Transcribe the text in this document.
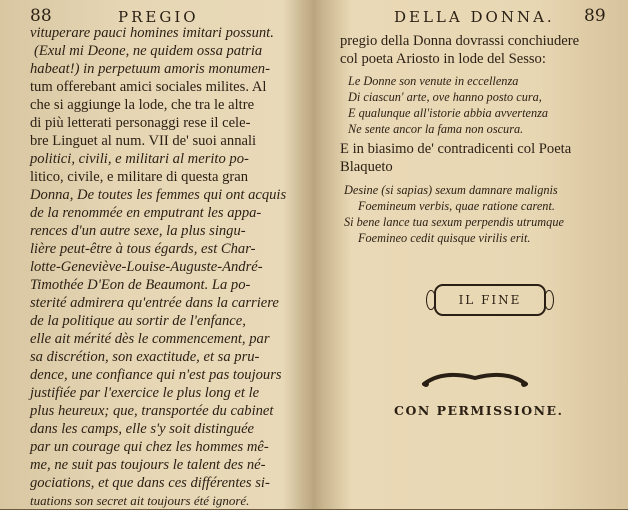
88	PREGIO
vituperare pauci homines imitari possunt.
(Exul mi Deone, ne quidem ossa patria
habeat!) in perpetuum amoris monumen-
tum offerebant amici sociales milites. Al
che si aggiunge la lode, che tra le altre
di più letterati personaggi rese il cele-
bre Linguet al num. VII de' suoi annali
politici, civili, e militari al merito po-
litico, civile, e militare di questa gran
Donna, De toutes les femmes qui ont acquis
de la renommée en emputrant les appa-
rences d'un autre sexe, la plus singu-
lière peut-être à tous égards, est Char-
lotte-Geneviève-Louise-Auguste-André-
Timothée D'Eon de Beaumont. La po-
sterité admirera qu'entrée dans la carriere
de la politique au sortir de l'enfance,
elle ait mérité dès le commencement, par
sa discrétion, son exactitude, et sa pru-
dence, une confiance qui n'est pas toujours
justifiée par l'exercice le plus long et le
plus heureux; que, transportée du cabinet
dans les camps, elle s'y soit distinguée
par un courage qui chez les hommes mê-
me, ne suit pas toujours le talent des né-
gociations, et que dans ces différentes si-
tuations son secret ait toujours été ignoré.
DELLA DONNA. 89
pregio della Donna dovrassi conchiudere
col poeta Ariosto in lode del Sesso:
Le Donne son venute in eccellenza
Di ciascun' arte, ove hanno posto cura,
E qualunque all'istorie abbia avvertenza
Ne sente ancor la fama non oscura.
E in biasimo de' contradicenti col Poeta
Blaqueto
Desine (si sapias) sexum damnare malignis
Foemineum verbis, quae ratione carent.
Si bene lance tua sexum perpendis utrumque
Foemineo cedit quisque virilis erit.
IL FINE
CON PERMISSIONE.
